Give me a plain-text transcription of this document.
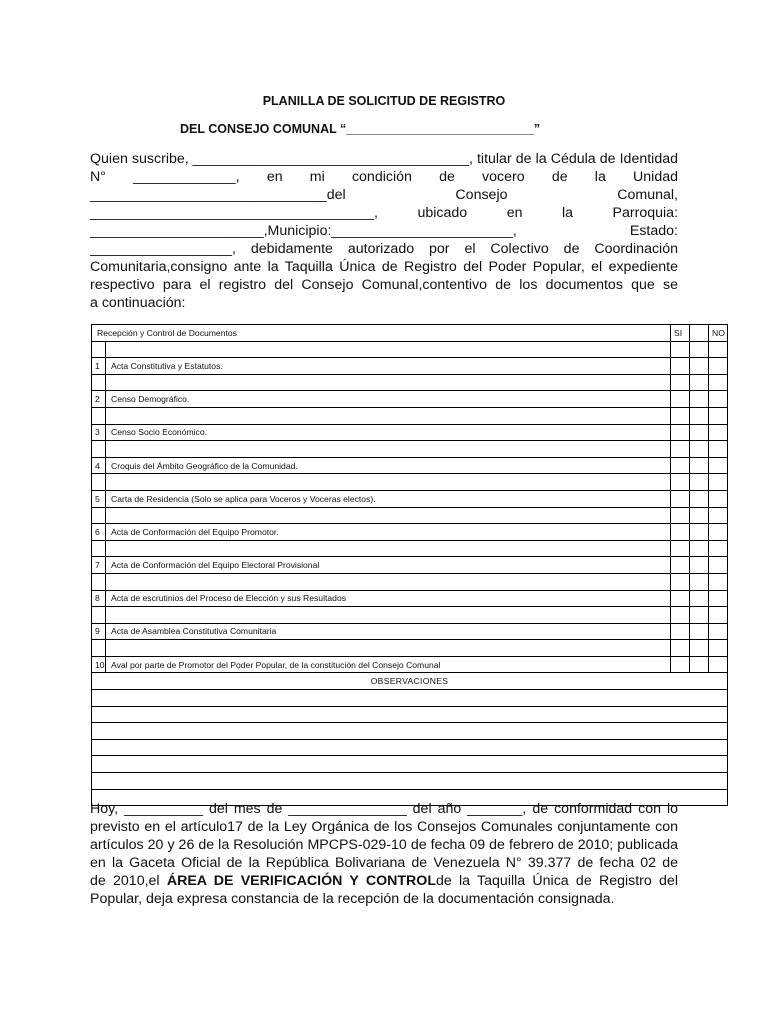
PLANILLA DE SOLICITUD DE REGISTRO
DEL CONSEJO COMUNAL “___________________________”
Quien suscribe, ___________________________________, titular de la Cédula de Identidad
N° _____________, en mi condición de vocero de la Unidad
______________________________del Consejo Comunal,
____________________________________, ubicado en la Parroquia:
______________________,Municipio:_______________________, Estado:
__________________, debidamente autorizado por el Colectivo de Coordinación
Comunitaria,consigno ante la Taquilla Única de Registro del Poder Popular, el expediente
respectivo para el registro del Consejo Comunal,contentivo de los documentos que se
a continuación:
Recepción y Control de Documentos		SI		NO

1	Acta Constitutiva y Estatutos.			

2	Censo Demográfico.			

3	Censo Socio Económico.			

4	Croquis del Ámbito Geográfico de la Comunidad.			

5	Carta de Residencia (Solo se aplica para Voceros y Voceras electos).			

6	Acta de Conformación del Equipo Promotor.			

7	Acta de Conformación del Equipo Electoral Provisional			

8	Acta de escrutinios del Proceso de Elección y sus Resultados			

9	Acta de Asamblea Constitutiva Comunitaria			

10	Aval por parte de Promotor del Poder Popular, de la constitución del Consejo Comunal			
OBSERVACIONES				

Hoy, __________ del mes de _______________ del año _______, de conformidad con lo
previsto en el artículo17 de la Ley Orgánica de los Consejos Comunales conjuntamente con
artículos 20 y 26 de la Resolución MPCPS-029-10 de fecha 09 de febrero de 2010; publicada
en la Gaceta Oficial de la República Bolivariana de Venezuela N° 39.377 de fecha 02 de
de 2010,el ÁREA DE VERIFICACIÓN Y CONTROLde la Taquilla Única de Registro del
Popular, deja expresa constancia de la recepción de la documentación consignada.
